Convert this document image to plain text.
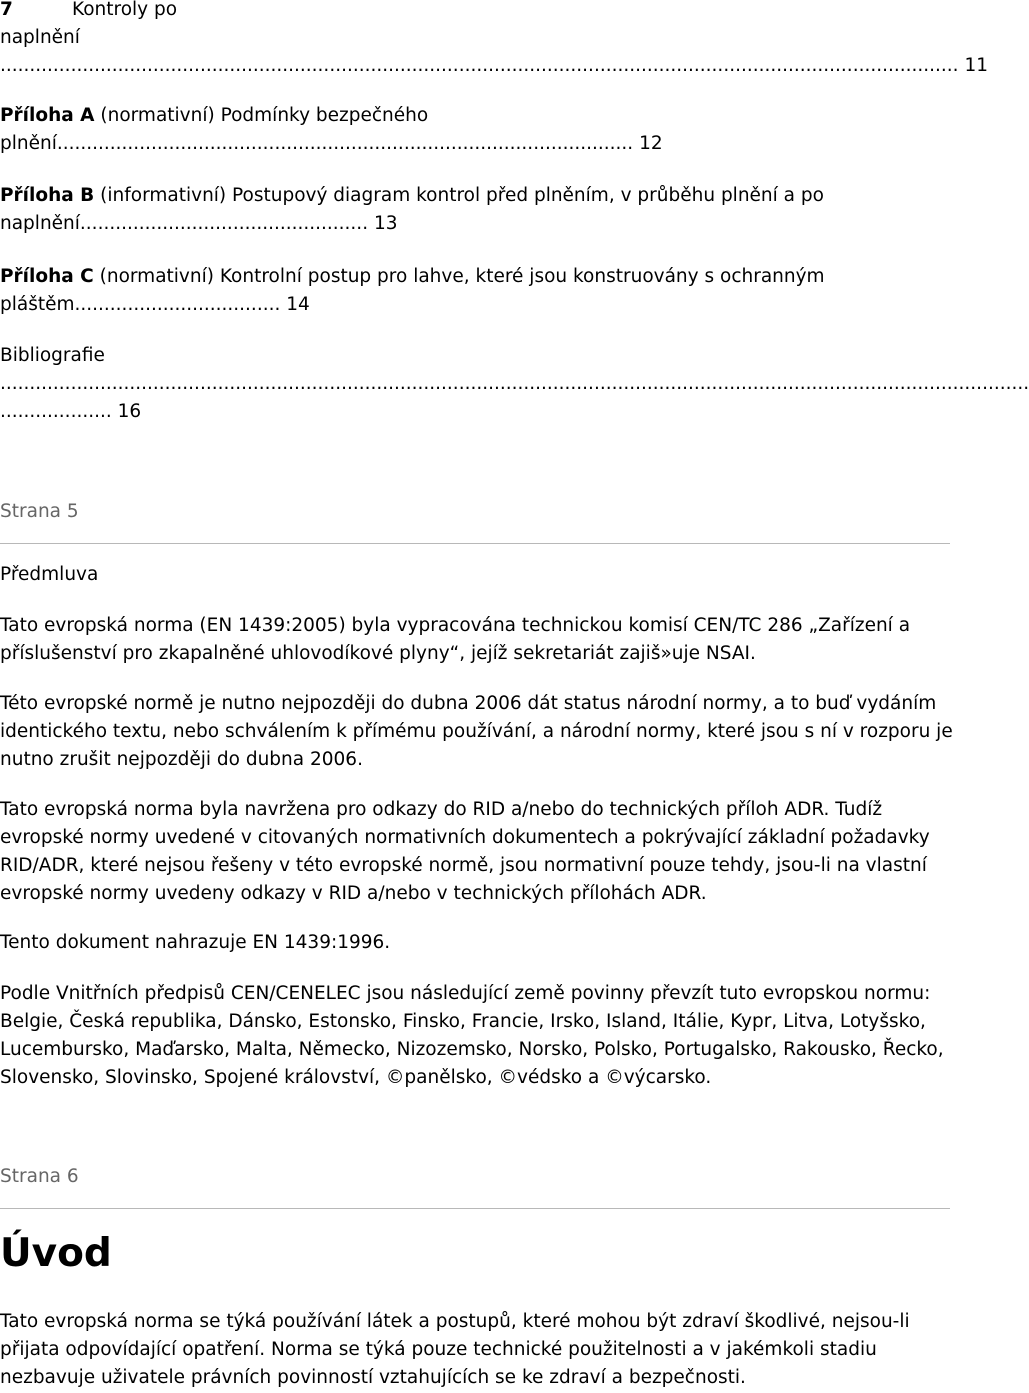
7	Kontroly po

naplnění

................................................................................................................................................................... 11

Příloha A (normativní) Podmínky bezpečného

plnění.................................................................................................. 12

Příloha B (informativní) Postupový diagram kontrol před plněním, v průběhu plnění a po

naplnění................................................. 13

Příloha C (normativní) Kontrolní postup pro lahve, které jsou konstruovány s ochranným

pláštěm................................... 14

Bibliografie

...............................................................................................................................................................................

................... 16

Strana 5

Předmluva

Tato evropská norma (EN 1439:2005) byla vypracována technickou komisí CEN/TC 286 „Zařízení a příslušenství pro zkapalněné uhlovodíkové plyny“, jejíž sekretariát zajiš»uje NSAI.

Této evropské normě je nutno nejpozději do dubna 2006 dát status národní normy, a to buď vydáním identického textu, nebo schválením k přímému používání, a národní normy, které jsou s ní v rozporu je nutno zrušit nejpozději do dubna 2006.

Tato evropská norma byla navržena pro odkazy do RID a/nebo do technických příloh ADR. Tudíž evropské normy uvedené v citovaných normativních dokumentech a pokrývající základní požadavky RID/ADR, které nejsou řešeny v této evropské normě, jsou normativní pouze tehdy, jsou-li na vlastní evropské normy uvedeny odkazy v RID a/nebo v technických přílohách ADR.

Tento dokument nahrazuje EN 1439:1996.

Podle Vnitřních předpisů CEN/CENELEC jsou následující země povinny převzít tuto evropskou normu: Belgie, Česká republika, Dánsko, Estonsko, Finsko, Francie, Irsko, Island, Itálie, Kypr, Litva, Lotyšsko, Lucembursko, Maďarsko, Malta, Německo, Nizozemsko, Norsko, Polsko, Portugalsko, Rakousko, Řecko, Slovensko, Slovinsko, Spojené království, ©panělsko, ©védsko a ©výcarsko.

Strana 6

Úvod

Tato evropská norma se týká používání látek a postupů, které mohou být zdraví škodlivé, nejsou-li přijata odpovídající opatření. Norma se týká pouze technické použitelnosti a v jakémkoli stadiu nezbavuje uživatele právních povinností vztahujících se ke zdraví a bezpečnosti.
